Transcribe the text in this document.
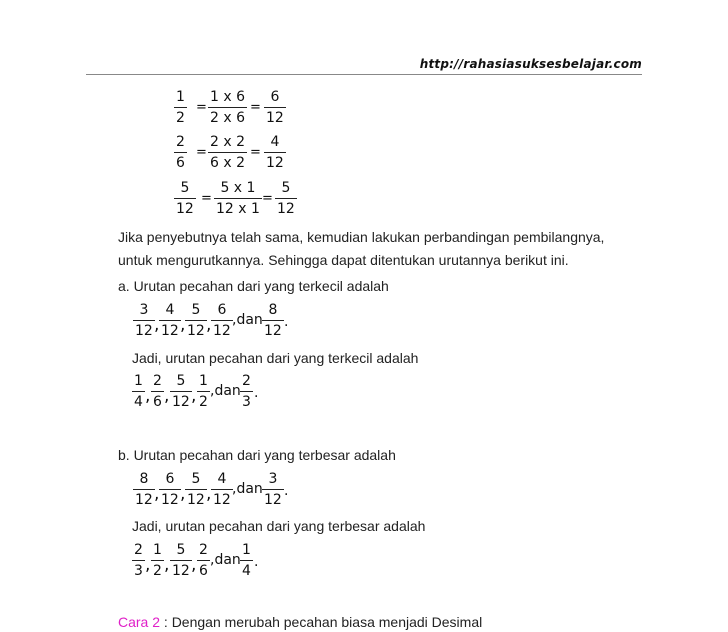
http://rahasiasuksesbelajar.com
1
2
=
1 x 6
2 x 6
=
6
12
2
6
=
2 x 2
6 x 2
=
4
12
5
12
=
5 x 1
12 x 1
=
5
12
Jika penyebutnya telah sama, kemudian lakukan perbandingan pembilangnya,
untuk mengurutkannya. Sehingga dapat ditentukan urutannya berikut ini.
a. Urutan pecahan dari yang terkecil adalah
3
12 ,
4
12 ,
5
12 ,
6
12
,dan
8
12
.
Jadi, urutan pecahan dari yang terkecil adalah
1
4 ,
2
6 ,
5
12 ,
1
2
,dan
2
3
.
b. Urutan pecahan dari yang terbesar adalah
8
12 ,
6
12 ,
5
12 ,
4
12
,dan
3
12
.
Jadi, urutan pecahan dari yang terbesar adalah
2
3 ,
1
2 ,
5
12 ,
2
6
,dan
1
4
.
Cara 2 : Dengan merubah pecahan biasa menjadi Desimal
